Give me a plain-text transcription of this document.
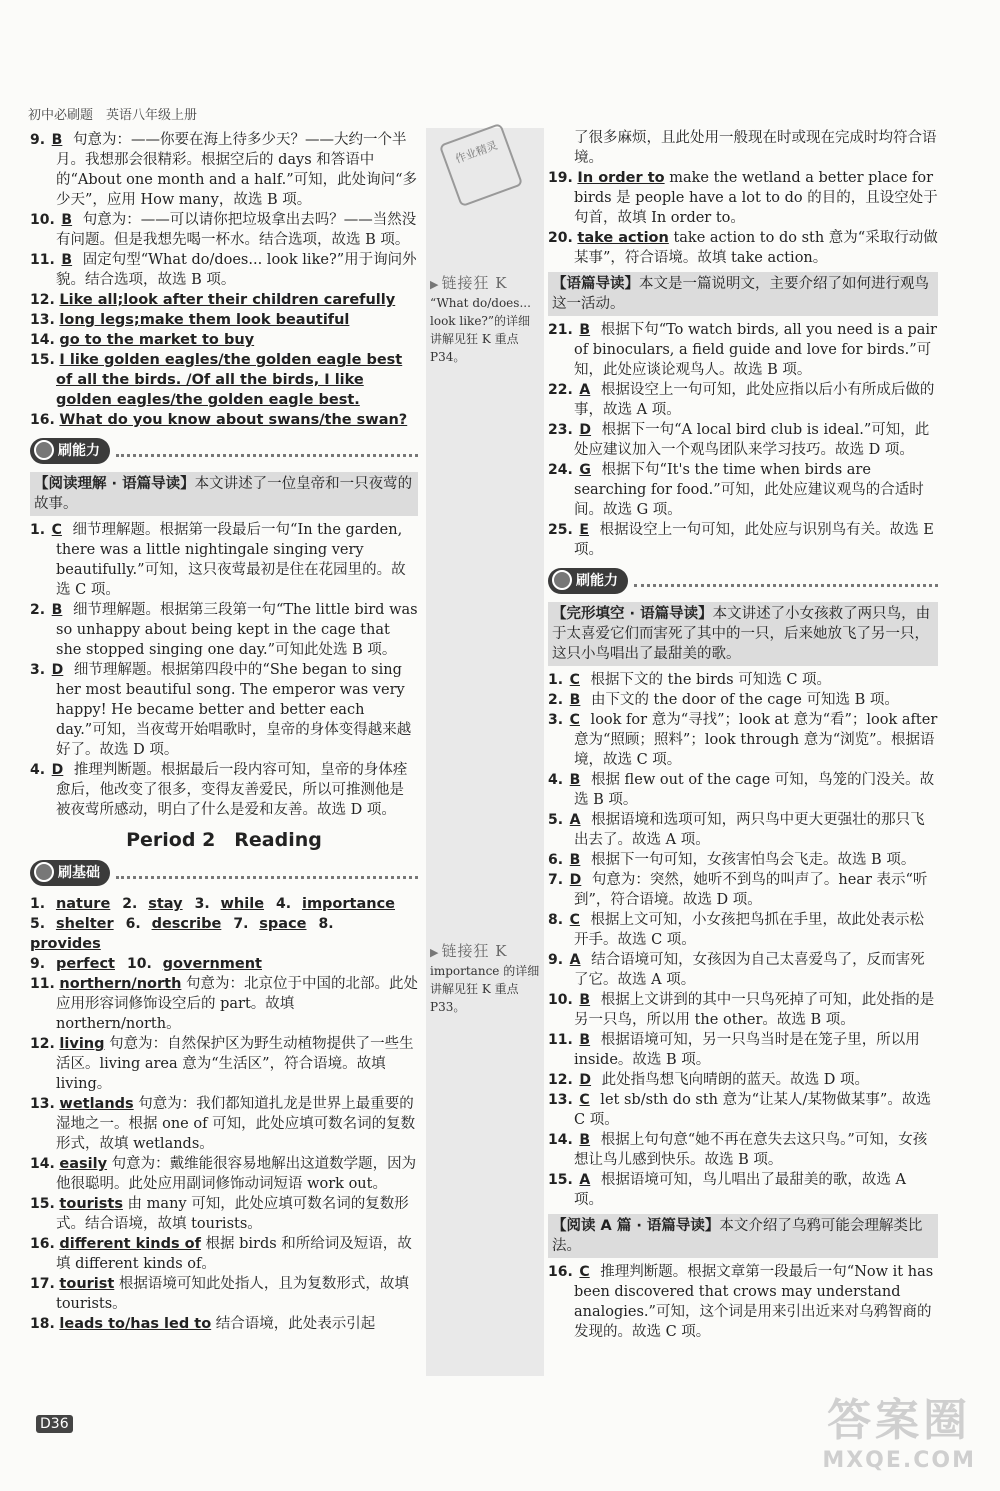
初中必刷题　英语八年级上册
作业精灵
▶ 链接狂 K
“What do/does... look like?”的详细讲解见狂 K 重点 P34。
▶ 链接狂 K
importance 的详细讲解见狂 K 重点 P33。

9. B 句意为：——你要在海上待多少天？——大约一个半月。我想那会很精彩。根据空后的 days 和答语中的“About one month and a half.”可知，此处询问“多少天”，应用 How many，故选 B 项。

10. B 句意为：——可以请你把垃圾拿出去吗？——当然没有问题。但是我想先喝一杯水。结合选项，故选 B 项。

11. B 固定句型“What do/does... look like?”用于询问外貌。结合选项，故选 B 项。

12. Like all;look after their children carefully

13. long legs;make them look beautiful

14. go to the market to buy

15. I like golden eagles/the golden eagle best of all the birds. /Of all the birds, I like golden eagles/the golden eagle best.

16. What do you know about swans/the swan?

刷能力
【阅读理解 · 语篇导读】本文讲述了一位皇帝和一只夜莺的故事。

1. C 细节理解题。根据第一段最后一句“In the garden, there was a little nightingale singing very beautifully.”可知，这只夜莺最初是住在花园里的。故选 C 项。

2. B 细节理解题。根据第三段第一句“The little bird was so unhappy about being kept in the cage that she stopped singing one day.”可知此处选 B 项。

3. D 细节理解题。根据第四段中的“She began to sing her most beautiful song. The emperor was very happy! He became better and better each day.”可知，当夜莺开始唱歌时，皇帝的身体变得越来越好了。故选 D 项。

4. D 推理判断题。根据最后一段内容可知，皇帝的身体痊愈后，他改变了很多，变得友善爱民，所以可推测他是被夜莺所感动，明白了什么是爱和友善。故选 D 项。

Period 2　Reading
刷基础

1. nature 2. stay 3. while 4. importance

5. shelter 6. describe 7. space 8. provides

9. perfect 10. government

11. northern/north 句意为：北京位于中国的北部。此处应用形容词修饰设空后的 part。故填 northern/north。

12. living 句意为：自然保护区为野生动植物提供了一些生活区。living area 意为“生活区”，符合语境。故填 living。

13. wetlands 句意为：我们都知道扎龙是世界上最重要的湿地之一。根据 one of 可知，此处应填可数名词的复数形式，故填 wetlands。

14. easily 句意为：戴维能很容易地解出这道数学题，因为他很聪明。此处应用副词修饰动词短语 work out。

15. tourists 由 many 可知，此处应填可数名词的复数形式。结合语境，故填 tourists。

16. different kinds of 根据 birds 和所给词及短语，故填 different kinds of。

17. tourist 根据语境可知此处指人，且为复数形式，故填 tourists。

18. leads to/has led to 结合语境，此处表示引起

了很多麻烦，且此处用一般现在时或现在完成时均符合语境。

19. In order to make the wetland a better place for birds 是 people have a lot to do 的目的，且设空处于句首，故填 In order to。

20. take action take action to do sth 意为“采取行动做某事”，符合语境。故填 take action。

【语篇导读】本文是一篇说明文，主要介绍了如何进行观鸟这一活动。

21. B 根据下句“To watch birds, all you need is a pair of binoculars, a field guide and love for birds.”可知，此处应谈论观鸟人。故选 B 项。

22. A 根据设空上一句可知，此处应指以后小有所成后做的事，故选 A 项。

23. D 根据下一句“A local bird club is ideal.”可知，此处应建议加入一个观鸟团队来学习技巧。故选 D 项。

24. G 根据下句“It's the time when birds are searching for food.”可知，此处应建议观鸟的合适时间。故选 G 项。

25. E 根据设空上一句可知，此处应与识别鸟有关。故选 E 项。

刷能力
【完形填空 · 语篇导读】本文讲述了小女孩救了两只鸟，由于太喜爱它们而害死了其中的一只，后来她放飞了另一只，这只小鸟唱出了最甜美的歌。

1. C 根据下文的 the birds 可知选 C 项。

2. B 由下文的 the door of the cage 可知选 B 项。

3. C look for 意为“寻找”；look at 意为“看”；look after 意为“照顾；照料”；look through 意为“浏览”。根据语境，故选 C 项。

4. B 根据 flew out of the cage 可知，鸟笼的门没关。故选 B 项。

5. A 根据语境和选项可知，两只鸟中更大更强壮的那只飞出去了。故选 A 项。

6. B 根据下一句可知，女孩害怕鸟会飞走。故选 B 项。

7. D 句意为：突然，她听不到鸟的叫声了。hear 表示“听到”，符合语境。故选 D 项。

8. C 根据上文可知，小女孩把鸟抓在手里，故此处表示松开手。故选 C 项。

9. A 结合语境可知，女孩因为自己太喜爱鸟了，反而害死了它。故选 A 项。

10. B 根据上文讲到的其中一只鸟死掉了可知，此处指的是另一只鸟，所以用 the other。故选 B 项。

11. B 根据语境可知，另一只鸟当时是在笼子里，所以用 inside。故选 B 项。

12. D 此处指鸟想飞向晴朗的蓝天。故选 D 项。

13. C let sb/sth do sth 意为“让某人/某物做某事”。故选 C 项。

14. B 根据上句句意“她不再在意失去这只鸟。”可知，女孩想让鸟儿感到快乐。故选 B 项。

15. A 根据语境可知，鸟儿唱出了最甜美的歌，故选 A 项。

【阅读 A 篇 · 语篇导读】本文介绍了乌鸦可能会理解类比法。

16. C 推理判断题。根据文章第一段最后一句“Now it has been discovered that crows may understand analogies.”可知，这个词是用来引出近来对乌鸦智商的发现的。故选 C 项。

D36	答案圈
MXQE.COM
